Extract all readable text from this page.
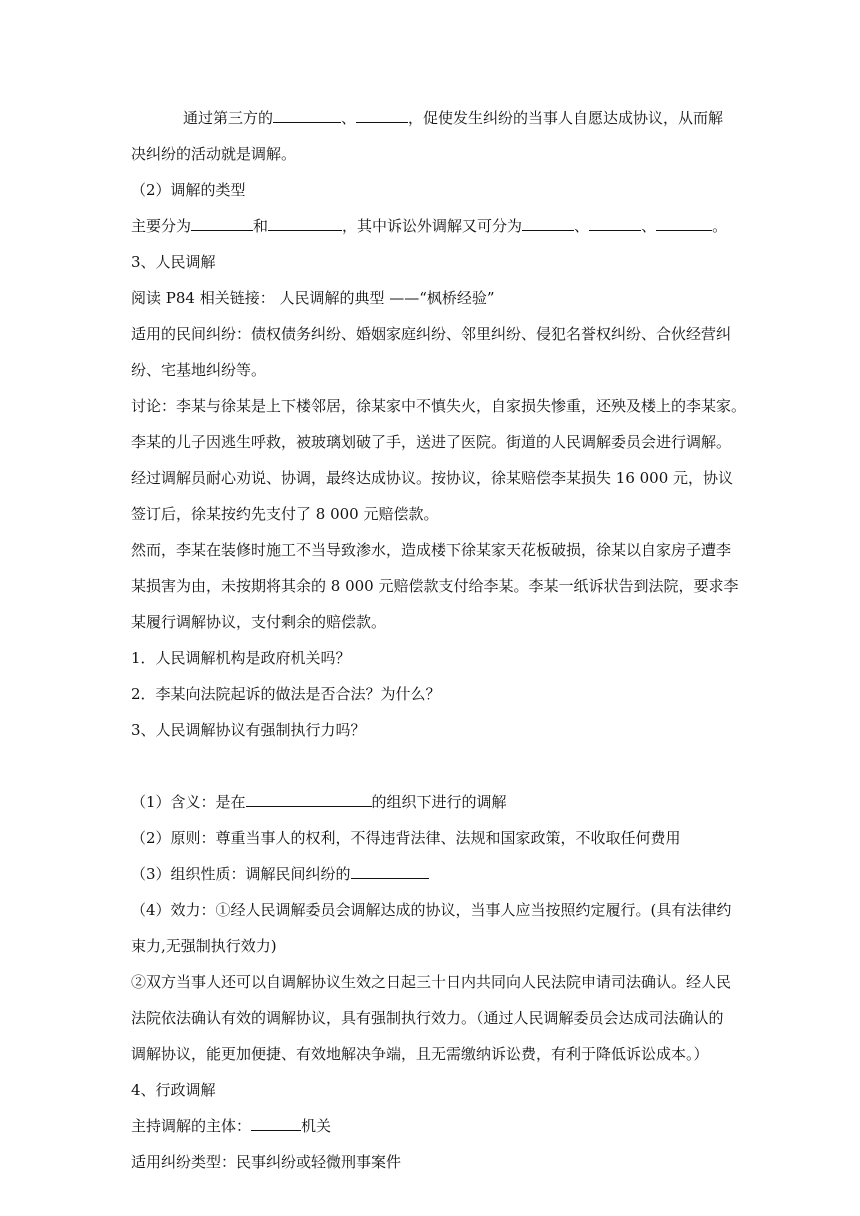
通过第三方的	、	，促使发生纠纷的当事人自愿达成协议，从而解

决纠纷的活动就是调解。

（2）调解的类型

主要分为	和	，其中诉讼外调解又可分为	、	、	。

3、人民调解

阅读 P84 相关链接： 人民调解的典型 ——“枫桥经验”

适用的民间纠纷：债权债务纠纷、婚姻家庭纠纷、邻里纠纷、侵犯名誉权纠纷、合伙经营纠

纷、宅基地纠纷等。

讨论：李某与徐某是上下楼邻居，徐某家中不慎失火，自家损失惨重，还殃及楼上的李某家。

李某的儿子因逃生呼救，被玻璃划破了手，送进了医院。街道的人民调解委员会进行调解。

经过调解员耐心劝说、协调，最终达成协议。按协议，徐某赔偿李某损失 16 000 元，协议

签订后，徐某按约先支付了 8 000 元赔偿款。

然而，李某在装修时施工不当导致渗水，造成楼下徐某家天花板破损，徐某以自家房子遭李

某损害为由，未按期将其余的 8 000 元赔偿款支付给李某。李某一纸诉状告到法院，要求李

某履行调解协议，支付剩余的赔偿款。

1．人民调解机构是政府机关吗？

2．李某向法院起诉的做法是否合法？为什么？

3、人民调解协议有强制执行力吗？

（1）含义：是在	的组织下进行的调解

（2）原则：尊重当事人的权利，不得违背法律、法规和国家政策，不收取任何费用

（3）组织性质：调解民间纠纷的

（4）效力：①经人民调解委员会调解达成的协议，当事人应当按照约定履行。(具有法律约

束力,无强制执行效力)

②双方当事人还可以自调解协议生效之日起三十日内共同向人民法院申请司法确认。经人民

法院依法确认有效的调解协议，具有强制执行效力。（通过人民调解委员会达成司法确认的

调解协议，能更加便捷、有效地解决争端，且无需缴纳诉讼费，有利于降低诉讼成本。）

4、行政调解

主持调解的主体：	机关

适用纠纷类型：民事纠纷或轻微刑事案件
